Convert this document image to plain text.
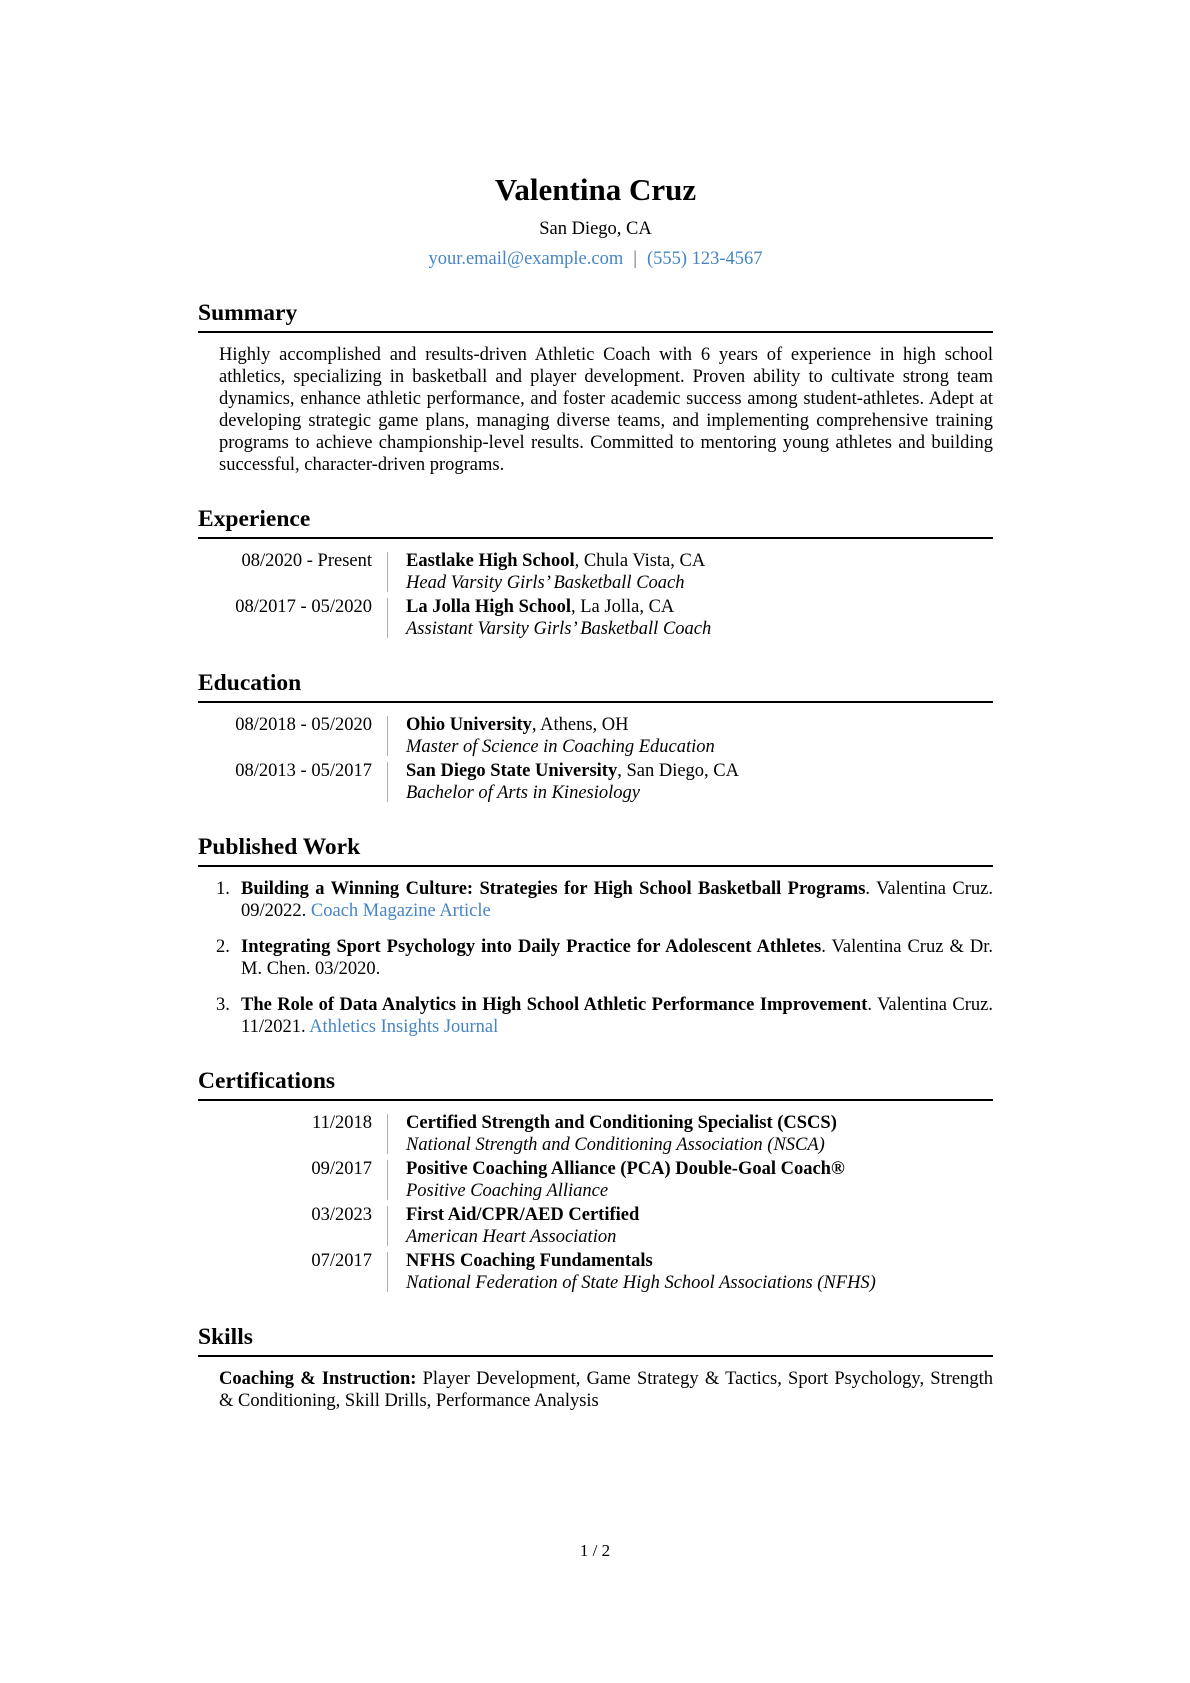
Valentina Cruz

San Diego, CA

your.email@example.com | (555) 123-4567

Summary

Highly accomplished and results-driven Athletic Coach with 6 years of experience in high school athletics, specializing in basketball and player development. Proven ability to cultivate strong team dynamics, enhance athletic performance, and foster academic success among student-athletes. Adept at developing strategic game plans, managing diverse teams, and implementing comprehensive training programs to achieve championship-level results. Committed to mentoring young athletes and building successful, character-driven programs.

Experience
08/2020 - Present Eastlake High School, Chula Vista, CA
Head Varsity Girls’ Basketball Coach
08/2017 - 05/2020 La Jolla High School, La Jolla, CA
Assistant Varsity Girls’ Basketball Coach
Education
08/2018 - 05/2020 Ohio University, Athens, OH
Master of Science in Coaching Education
08/2013 - 05/2017 San Diego State University, San Diego, CA
Bachelor of Arts in Kinesiology
Published Work
1. Building a Winning Culture: Strategies for High School Basketball Programs. Valentina Cruz. 09/2022. Coach Magazine Article
2. Integrating Sport Psychology into Daily Practice for Adolescent Athletes. Valentina Cruz & Dr. M. Chen. 03/2020.
3. The Role of Data Analytics in High School Athletic Performance Improvement. Valentina Cruz. 11/2021. Athletics Insights Journal
Certifications
11/2018 Certified Strength and Conditioning Specialist (CSCS)
National Strength and Conditioning Association (NSCA)
09/2017 Positive Coaching Alliance (PCA) Double-Goal Coach®
Positive Coaching Alliance
03/2023 First Aid/CPR/AED Certified
American Heart Association
07/2017 NFHS Coaching Fundamentals
National Federation of State High School Associations (NFHS)
Skills

Coaching & Instruction: Player Development, Game Strategy & Tactics, Sport Psychology, Strength & Conditioning, Skill Drills, Performance Analysis

1 / 2
